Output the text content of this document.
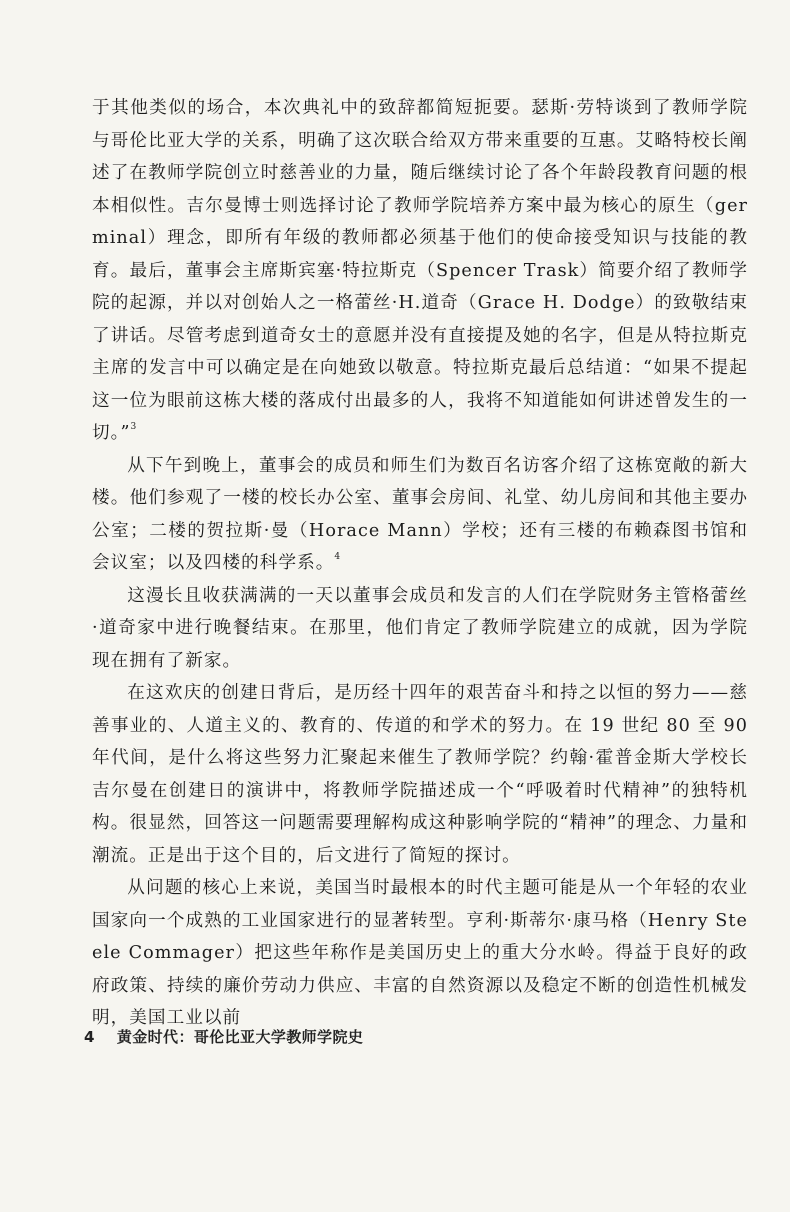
于其他类似的场合，本次典礼中的致辞都简短扼要。瑟斯·劳特谈到了教师学院与哥伦比亚大学的关系，明确了这次联合给双方带来重要的互惠。艾略特校长阐述了在教师学院创立时慈善业的力量，随后继续讨论了各个年龄段教育问题的根本相似性。吉尔曼博士则选择讨论了教师学院培养方案中最为核心的原生（germinal）理念，即所有年级的教师都必须基于他们的使命接受知识与技能的教育。最后，董事会主席斯宾塞·特拉斯克（Spencer Trask）简要介绍了教师学院的起源，并以对创始人之一格蕾丝·H.道奇（Grace H. Dodge）的致敬结束了讲话。尽管考虑到道奇女士的意愿并没有直接提及她的名字，但是从特拉斯克主席的发言中可以确定是在向她致以敬意。特拉斯克最后总结道：“如果不提起这一位为眼前这栋大楼的落成付出最多的人，我将不知道能如何讲述曾发生的一切。”$^3$

从下午到晚上，董事会的成员和师生们为数百名访客介绍了这栋宽敞的新大楼。他们参观了一楼的校长办公室、董事会房间、礼堂、幼儿房间和其他主要办公室；二楼的贺拉斯·曼（Horace Mann）学校；还有三楼的布赖森图书馆和会议室；以及四楼的科学系。$^4$

这漫长且收获满满的一天以董事会成员和发言的人们在学院财务主管格蕾丝·道奇家中进行晚餐结束。在那里，他们肯定了教师学院建立的成就，因为学院现在拥有了新家。

在这欢庆的创建日背后，是历经十四年的艰苦奋斗和持之以恒的努力——慈善事业的、人道主义的、教育的、传道的和学术的努力。在 19 世纪 80 至 90 年代间，是什么将这些努力汇聚起来催生了教师学院？约翰·霍普金斯大学校长吉尔曼在创建日的演讲中，将教师学院描述成一个“呼吸着时代精神”的独特机构。很显然，回答这一问题需要理解构成这种影响学院的“精神”的理念、力量和潮流。正是出于这个目的，后文进行了简短的探讨。

从问题的核心上来说，美国当时最根本的时代主题可能是从一个年轻的农业国家向一个成熟的工业国家进行的显著转型。亨利·斯蒂尔·康马格（Henry Steele Commager）把这些年称作是美国历史上的重大分水岭。得益于良好的政府政策、持续的廉价劳动力供应、丰富的自然资源以及稳定不断的创造性机械发明，美国工业以前

4 黄金时代：哥伦比亚大学教师学院史
